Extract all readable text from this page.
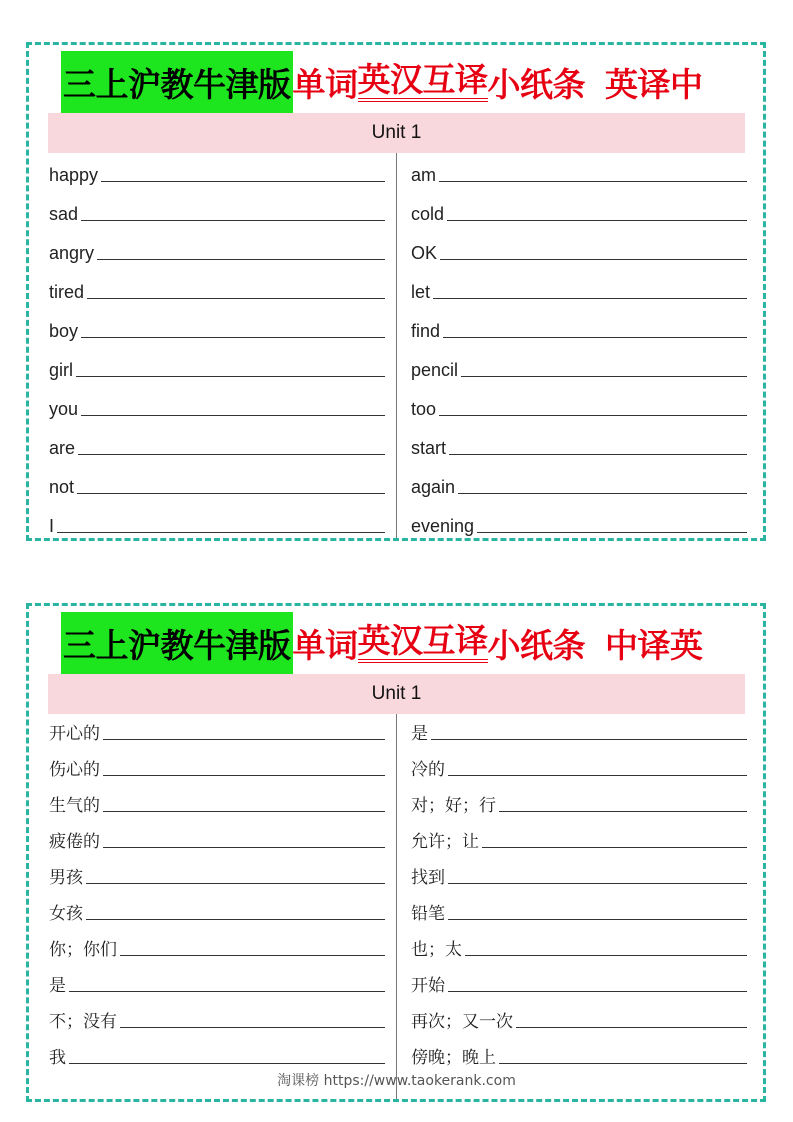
三上沪教牛津版 单词 英汉互译 小纸条 英译中
Unit 1
happy
sad
angry
tired
boy
girl
you
are
not
I
am
cold
OK
let
find
pencil
too
start
again
evening
三上沪教牛津版 单词 英汉互译 小纸条 中译英
Unit 1
开心的
伤心的
生气的
疲倦的
男孩
女孩
你；你们
是
不；没有
我
是
冷的
对；好；行
允许；让
找到
铅笔
也；太
开始
再次；又一次
傍晚；晚上
淘课榜 https://www.taokerank.com
